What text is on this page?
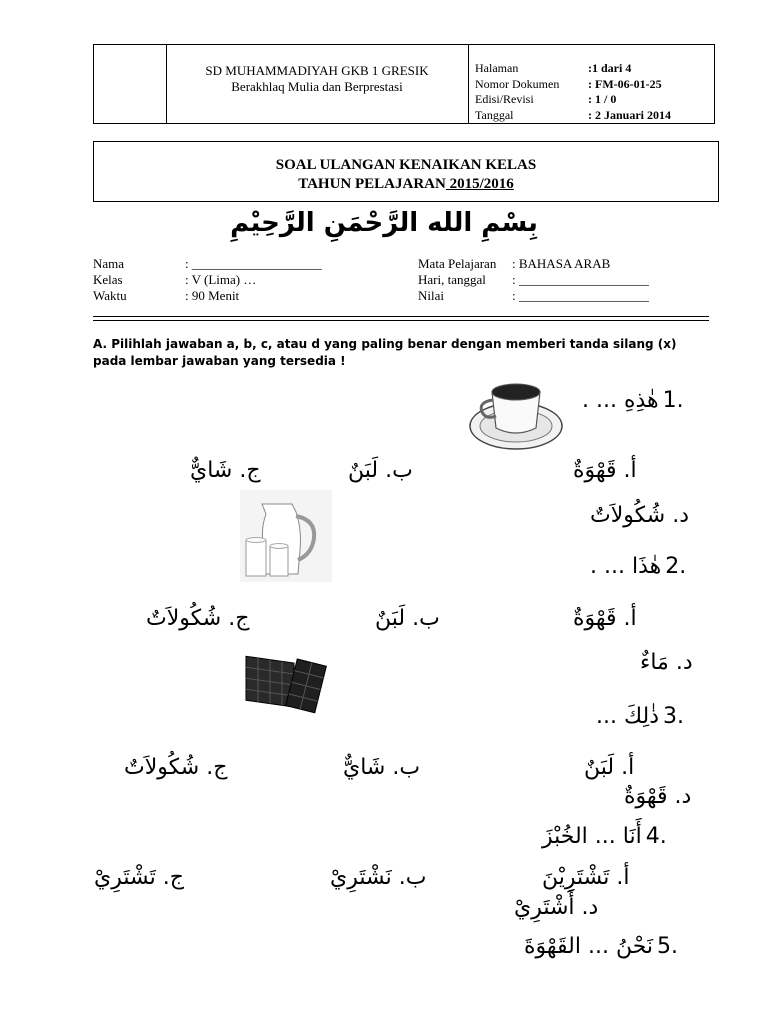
SD MUHAMMADIYAH GKB 1 GRESIK
Berakhlaq Mulia dan Berprestasi
Halaman	:1 dari 4
Nomor Dokumen	: FM-06-01-25
Edisi/Revisi	: 1 / 0
Tanggal	: 2 Januari 2014
SOAL ULANGAN KENAIKAN KELAS
TAHUN PELAJARAN 2015/2016
بِسْمِ الله الرَّحْمَنِ الرَّحِيْمِ
Nama	: ____________________
Kelas	: V (Lima) …
Waktu	: 90 Menit
Mata Pelajaran	: BAHASA ARAB
Hari, tanggal	: ____________________
Nilai	: ____________________
A. Pilihlah jawaban a, b, c, atau d yang paling benar dengan memberi tanda silang (x) pada lembar jawaban yang tersedia !
هٰذِهِ ... . 1.
أ. قَهْوَةٌ
ب. لَبَنٌ
ج. شَايٌّ
د. شُكُولاَتٌ
هٰذَا ... . 2.
أ. قَهْوَةٌ
ب. لَبَنٌ
ج. شُكُولاَتٌ
د. مَاءٌ
ذٰلِكَ ... 3.
أ. لَبَنٌ
ب. شَايٌّ
ج. شُكُولاَتٌ
د. قَهْوَةٌ
أَنَا ... الخُبْزَ 4.
أ. تَشْتَرِيْنَ
ب. نَشْتَرِيْ
ج. تَشْتَرِيْ
د. أَشْتَرِيْ
نَحْنُ ... القَهْوَةَ 5.
